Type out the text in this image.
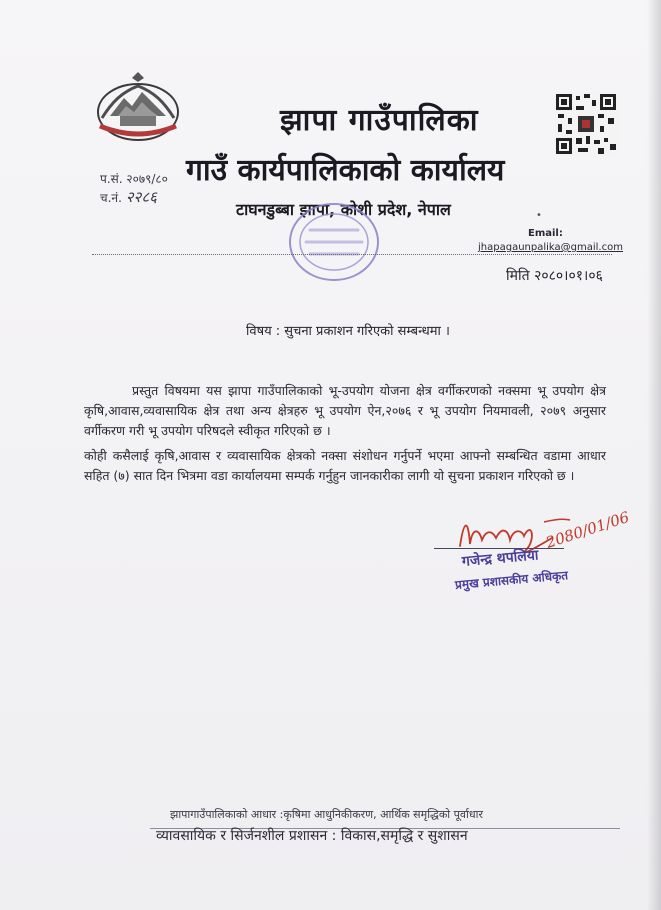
झापा गाउँपालिका
गाउँ कार्यपालिकाको कार्यालय
टाघनडुब्बा झापा, कोशी प्रदेश, नेपाल
प.सं. २०७९/८०
च.नं. २२८६
•
Email:
jhapagaunpalika@gmail.com
मिति २०८०।०१।०६
विषय : सुचना प्रकाशन गरिएको सम्बन्धमा ।
प्रस्तुत विषयमा यस झापा गाउँपालिकाको भू-उपयोग योजना क्षेत्र वर्गीकरणको नक्समा भू उपयोग क्षेत्र कृषि,आवास,व्यवासायिक क्षेत्र तथा अन्य क्षेत्रहरु भू उपयोग ऐन,२०७६ र भू उपयोग नियमावली, २०७९ अनुसार वर्गीकरण गरी भू उपयोग परिषदले स्वीकृत गरिएको छ ।
कोही कसैलाई कृषि,आवास र व्यवासायिक क्षेत्रको नक्सा संशोधन गर्नुपर्ने भएमा आफ्नो सम्बन्धित वडामा आधार सहित (७) सात दिन भित्रमा वडा कार्यालयमा सम्पर्क गर्नुहुन जानकारीका लागी यो सुचना प्रकाशन गरिएको छ ।
2080/01/06
गजेन्द्र थपलिया
प्रमुख प्रशासकीय अधिकृत
झापागाउँपालिकाको आधार :कृषिमा आधुनिकीकरण, आर्थिक समृद्धिको पूर्वाधार
व्यावसायिक र सिर्जनशील प्रशासन : विकास,समृद्धि र सुशासन
